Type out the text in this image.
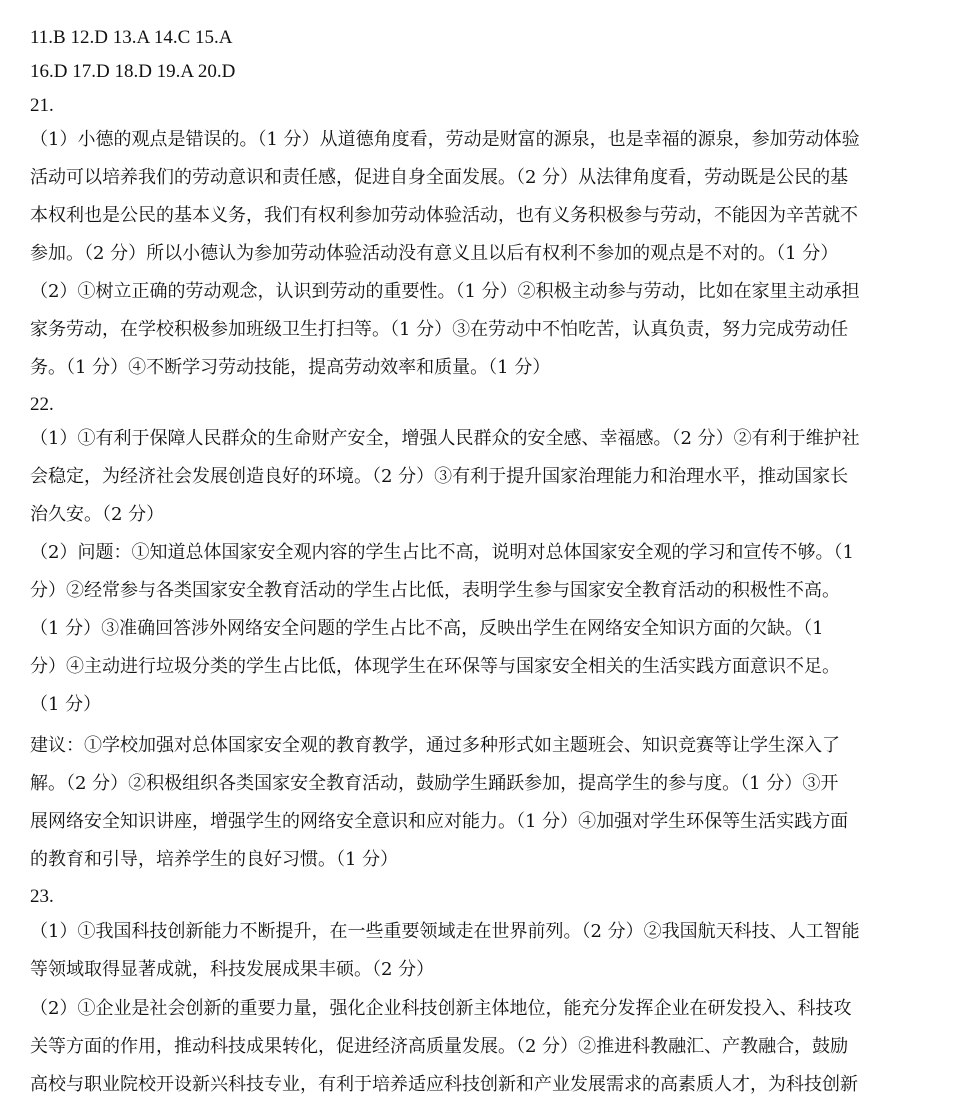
11.B 12.D 13.A 14.C 15.A
16.D 17.D 18.D 19.A 20.D
21.
（1）小德的观点是错误的。（1 分）从道德角度看，劳动是财富的源泉，也是幸福的源泉，参加劳动体验
活动可以培养我们的劳动意识和责任感，促进自身全面发展。（2 分）从法律角度看，劳动既是公民的基
本权利也是公民的基本义务，我们有权利参加劳动体验活动，也有义务积极参与劳动，不能因为辛苦就不
参加。（2 分）所以小德认为参加劳动体验活动没有意义且以后有权利不参加的观点是不对的。（1 分）
（2）①树立正确的劳动观念，认识到劳动的重要性。（1 分）②积极主动参与劳动，比如在家里主动承担
家务劳动，在学校积极参加班级卫生打扫等。（1 分）③在劳动中不怕吃苦，认真负责，努力完成劳动任
务。（1 分）④不断学习劳动技能，提高劳动效率和质量。（1 分）
22.
（1）①有利于保障人民群众的生命财产安全，增强人民群众的安全感、幸福感。（2 分）②有利于维护社
会稳定，为经济社会发展创造良好的环境。（2 分）③有利于提升国家治理能力和治理水平，推动国家长
治久安。（2 分）
（2）问题：①知道总体国家安全观内容的学生占比不高，说明对总体国家安全观的学习和宣传不够。（1
分）②经常参与各类国家安全教育活动的学生占比低，表明学生参与国家安全教育活动的积极性不高。
（1 分）③准确回答涉外网络安全问题的学生占比不高，反映出学生在网络安全知识方面的欠缺。（1
分）④主动进行垃圾分类的学生占比低，体现学生在环保等与国家安全相关的生活实践方面意识不足。
（1 分）
建议：①学校加强对总体国家安全观的教育教学，通过多种形式如主题班会、知识竞赛等让学生深入了
解。（2 分）②积极组织各类国家安全教育活动，鼓励学生踊跃参加，提高学生的参与度。（1 分）③开
展网络安全知识讲座，增强学生的网络安全意识和应对能力。（1 分）④加强对学生环保等生活实践方面
的教育和引导，培养学生的良好习惯。（1 分）
23.
（1）①我国科技创新能力不断提升，在一些重要领域走在世界前列。（2 分）②我国航天科技、人工智能
等领域取得显著成就，科技发展成果丰硕。（2 分）
（2）①企业是社会创新的重要力量，强化企业科技创新主体地位，能充分发挥企业在研发投入、科技攻
关等方面的作用，推动科技成果转化，促进经济高质量发展。（2 分）②推进科教融汇、产教融合，鼓励
高校与职业院校开设新兴科技专业，有利于培养适应科技创新和产业发展需求的高素质人才，为科技创新
